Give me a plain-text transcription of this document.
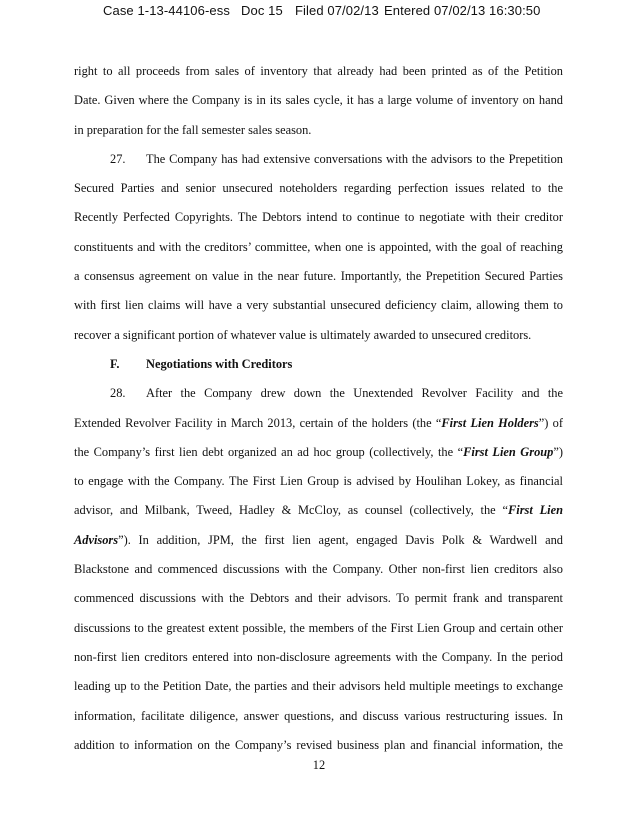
Case 1-13-44106-ess Doc 15 Filed 07/02/13 Entered 07/02/13 16:30:50
right to all proceeds from sales of inventory that already had been printed as of the Petition
Date. Given where the Company is in its sales cycle, it has a large volume of inventory on hand
in preparation for the fall semester sales season.
27. The Company has had extensive conversations with the advisors to the Prepetition
Secured Parties and senior unsecured noteholders regarding perfection issues related to the
Recently Perfected Copyrights. The Debtors intend to continue to negotiate with their creditor
constituents and with the creditors’ committee, when one is appointed, with the goal of reaching
a consensus agreement on value in the near future. Importantly, the Prepetition Secured Parties
with first lien claims will have a very substantial unsecured deficiency claim, allowing them to
recover a significant portion of whatever value is ultimately awarded to unsecured creditors.
F. Negotiations with Creditors
28. After the Company drew down the Unextended Revolver Facility and the
Extended Revolver Facility in March 2013, certain of the holders (the “First Lien Holders”) of
the Company’s first lien debt organized an ad hoc group (collectively, the “First Lien Group”)
to engage with the Company. The First Lien Group is advised by Houlihan Lokey, as financial
advisor, and Milbank, Tweed, Hadley & McCloy, as counsel (collectively, the “First Lien
Advisors”). In addition, JPM, the first lien agent, engaged Davis Polk & Wardwell and
Blackstone and commenced discussions with the Company. Other non-first lien creditors also
commenced discussions with the Debtors and their advisors. To permit frank and transparent
discussions to the greatest extent possible, the members of the First Lien Group and certain other
non-first lien creditors entered into non-disclosure agreements with the Company. In the period
leading up to the Petition Date, the parties and their advisors held multiple meetings to exchange
information, facilitate diligence, answer questions, and discuss various restructuring issues. In
addition to information on the Company’s revised business plan and financial information, the
12
